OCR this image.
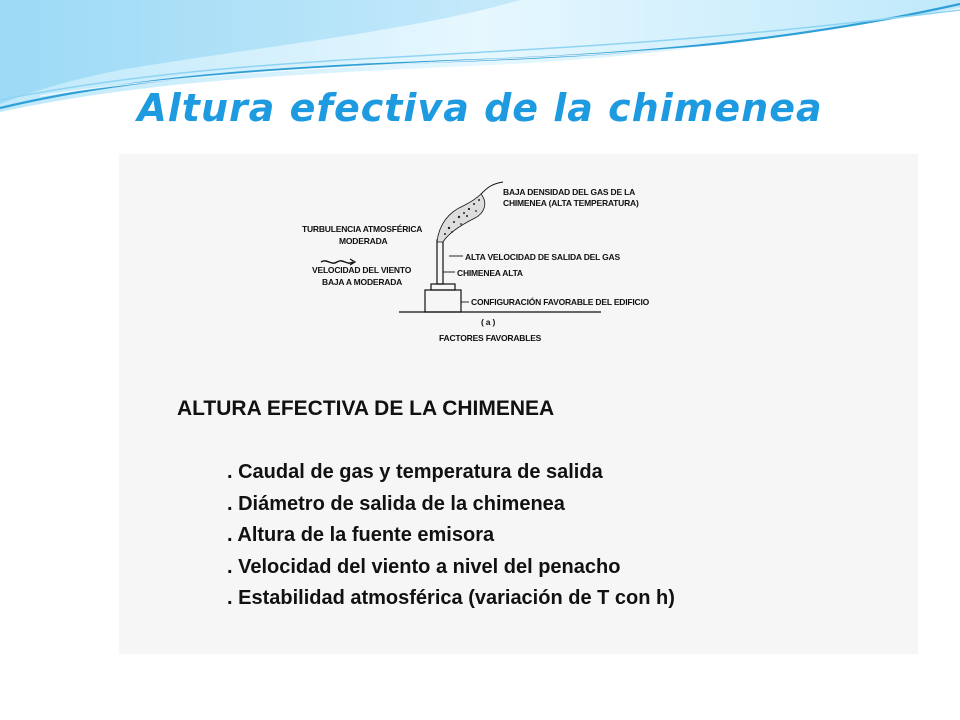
Altura efectiva de la chimenea
BAJA DENSIDAD DEL GAS DE LA
CHIMENEA (ALTA TEMPERATURA)
TURBULENCIA ATMOSFÉRICA
MODERADA
VELOCIDAD DEL VIENTO
BAJA A MODERADA
ALTA VELOCIDAD DE SALIDA DEL GAS
CHIMENEA ALTA
CONFIGURACIÓN FAVORABLE DEL EDIFICIO
( a )
FACTORES FAVORABLES
ALTURA EFECTIVA DE LA CHIMENEA
. Caudal de gas y temperatura de salida
. Diámetro de salida de la chimenea
. Altura de la fuente emisora
. Velocidad del viento a nivel del penacho
. Estabilidad atmosférica (variación de T con h)
